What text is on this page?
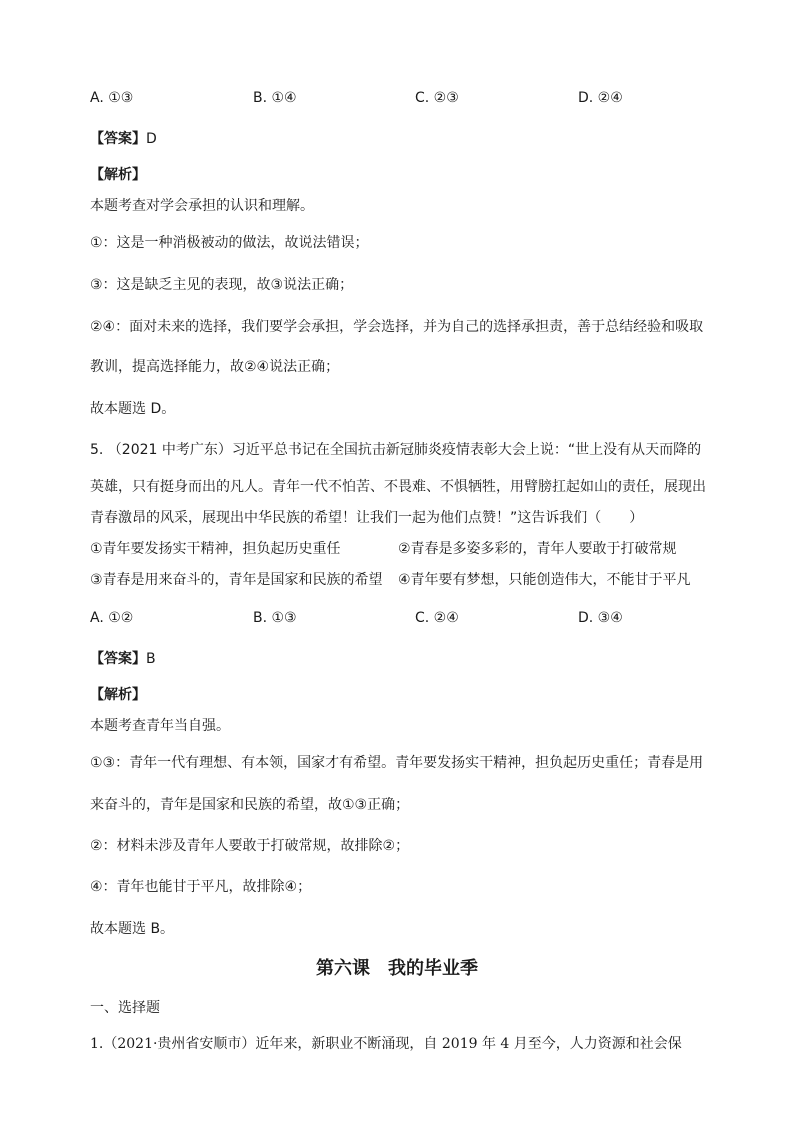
A. ①③	B. ①④	C. ②③	D. ②④
【答案】D
【解析】
本题考查对学会承担的认识和理解。
①：这是一种消极被动的做法，故说法错误；
③：这是缺乏主见的表现，故③说法正确；
②④：面对未来的选择，我们要学会承担，学会选择，并为自己的选择承担责，善于总结经验和吸取
教训，提高选择能力，故②④说法正确；
故本题选 D。
5. （2021 中考广东）习近平总书记在全国抗击新冠肺炎疫情表彰大会上说：“世上没有从天而降的
英雄，只有挺身而出的凡人。青年一代不怕苦、不畏难、不惧牺牲，用臂膀扛起如山的责任，展现出
青春激昂的风采，展现出中华民族的希望！让我们一起为他们点赞！”这告诉我们（　　）
①青年要发扬实干精神，担负起历史重任	②青春是多姿多彩的，青年人要敢于打破常规
③青春是用来奋斗的，青年是国家和民族的希望 ④青年要有梦想，只能创造伟大，不能甘于平凡
A. ①②	B. ①③	C. ②④	D. ③④
【答案】B
【解析】
本题考查青年当自强。
①③：青年一代有理想、有本领，国家才有希望。青年要发扬实干精神，担负起历史重任；青春是用
来奋斗的，青年是国家和民族的希望，故①③正确；
②：材料未涉及青年人要敢于打破常规，故排除②；
④：青年也能甘于平凡，故排除④；
故本题选 B。
第六课　我的毕业季
一、选择题
1.（2021·贵州省安顺市）近年来，新职业不断涌现，自 2019 年 4 月至今，人力资源和社会保
